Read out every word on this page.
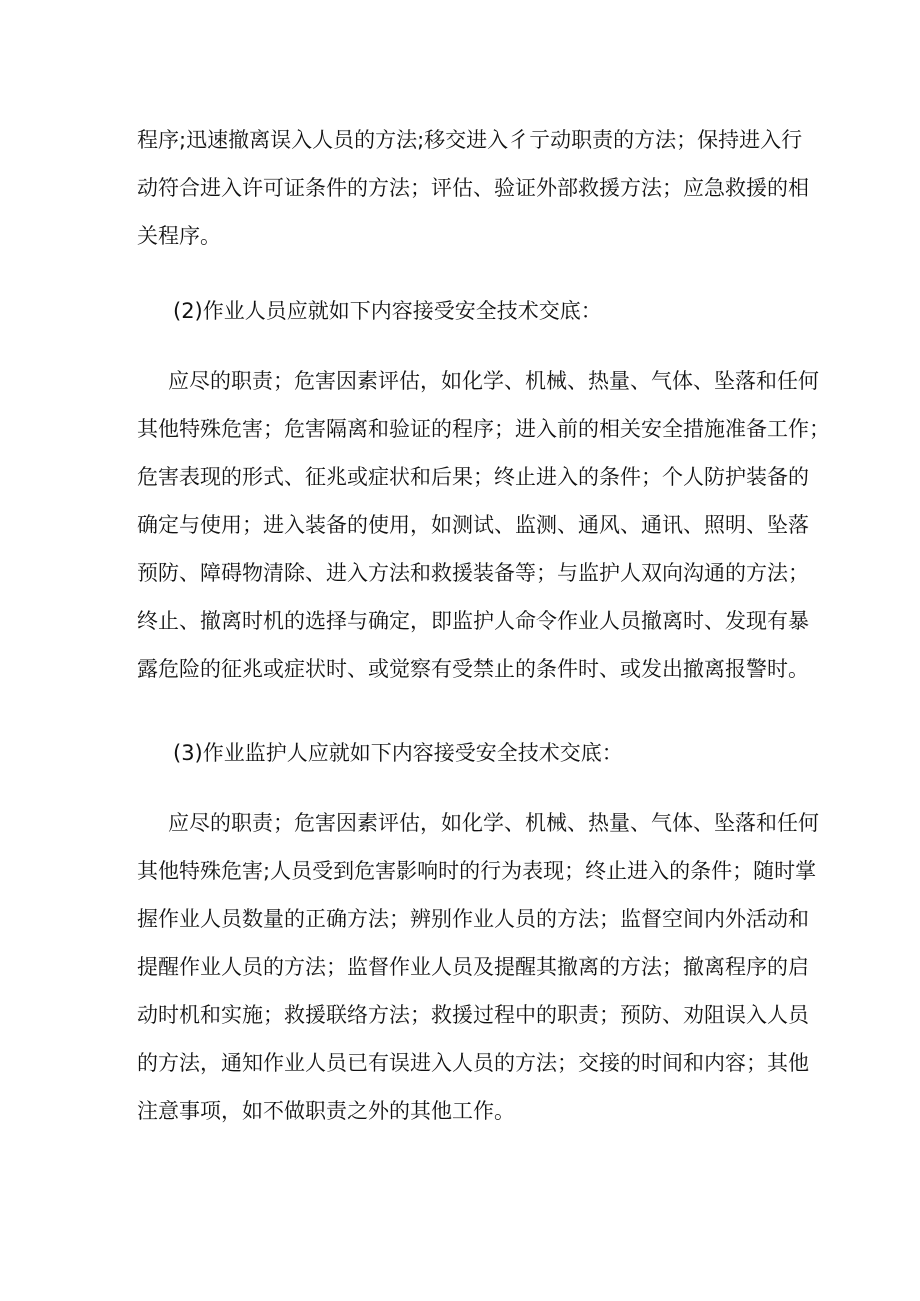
程序;迅速撤离误入人员的方法;移交进入彳亍动职责的方法；保持进入行
动符合进入许可证条件的方法；评估、验证外部救援方法；应急救援的相
关程序。
(2)作业人员应就如下内容接受安全技术交底：
应尽的职责；危害因素评估，如化学、机械、热量、气体、坠落和任何
其他特殊危害；危害隔离和验证的程序；进入前的相关安全措施准备工作；
危害表现的形式、征兆或症状和后果；终止进入的条件；个人防护装备的
确定与使用；进入装备的使用，如测试、监测、通风、通讯、照明、坠落
预防、障碍物清除、进入方法和救援装备等；与监护人双向沟通的方法；
终止、撤离时机的选择与确定，即监护人命令作业人员撤离时、发现有暴
露危险的征兆或症状时、或觉察有受禁止的条件时、或发出撤离报警时。
(3)作业监护人应就如下内容接受安全技术交底：
应尽的职责；危害因素评估，如化学、机械、热量、气体、坠落和任何
其他特殊危害;人员受到危害影响时的行为表现；终止进入的条件；随时掌
握作业人员数量的正确方法；辨别作业人员的方法；监督空间内外活动和
提醒作业人员的方法；监督作业人员及提醒其撤离的方法；撤离程序的启
动时机和实施；救援联络方法；救援过程中的职责；预防、劝阻误入人员
的方法，通知作业人员已有误进入人员的方法；交接的时间和内容；其他
注意事项，如不做职责之外的其他工作。
